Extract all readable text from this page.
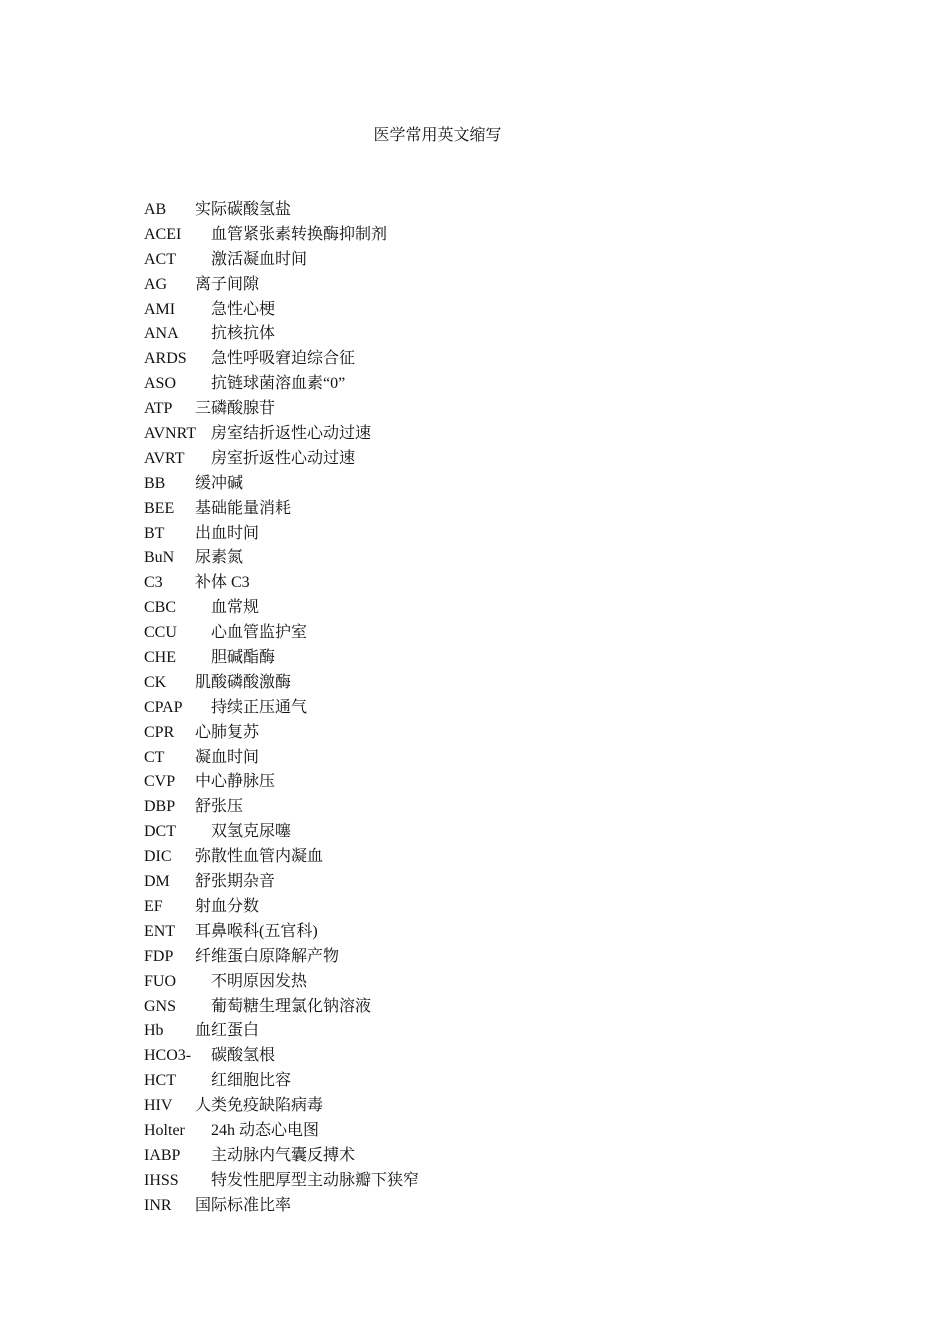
医学常用英文缩写
AB 实际碳酸氢盐
ACEI 血管紧张素转换酶抑制剂
ACT 激活凝血时间
AG 离子间隙
AMI 急性心梗
ANA 抗核抗体
ARDS 急性呼吸窘迫综合征
ASO 抗链球菌溶血素“0”
ATP 三磷酸腺苷
AVNRT 房室结折返性心动过速
AVRT 房室折返性心动过速
BB 缓冲碱
BEE 基础能量消耗
BT 出血时间
BuN 尿素氮
C3 补体 C3
CBC 血常规
CCU 心血管监护室
CHE 胆碱酯酶
CK 肌酸磷酸激酶
CPAP 持续正压通气
CPR 心肺复苏
CT 凝血时间
CVP 中心静脉压
DBP 舒张压
DCT 双氢克尿噻
DIC 弥散性血管内凝血
DM 舒张期杂音
EF 射血分数
ENT 耳鼻喉科(五官科)
FDP 纤维蛋白原降解产物
FUO 不明原因发热
GNS 葡萄糖生理氯化钠溶液
Hb 血红蛋白
HCO3- 碳酸氢根
HCT 红细胞比容
HIV 人类免疫缺陷病毒
Holter 24h 动态心电图
IABP 主动脉内气囊反搏术
IHSS 特发性肥厚型主动脉瓣下狭窄
INR 国际标准比率
